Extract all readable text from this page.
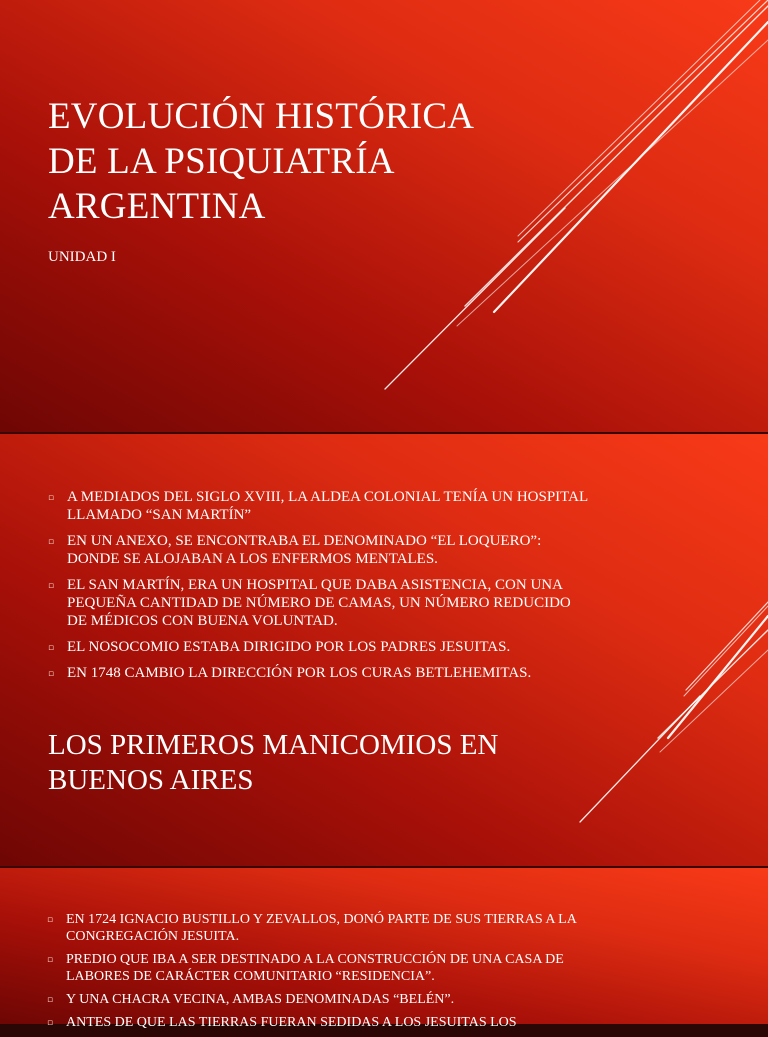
EVOLUCIÓN HISTÓRICA DE LA PSIQUIATRÍA ARGENTINA

UNIDAD I

▫ A MEDIADOS DEL SIGLO XVIII, LA ALDEA COLONIAL TENÍA UN HOSPITAL LLAMADO “SAN MARTÍN”
▫ EN UN ANEXO, SE ENCONTRABA EL DENOMINADO “EL LOQUERO”: DONDE SE ALOJABAN A LOS ENFERMOS MENTALES.
▫ EL SAN MARTÍN, ERA UN HOSPITAL QUE DABA ASISTENCIA, CON UNA PEQUEÑA CANTIDAD DE NÚMERO DE CAMAS, UN NÚMERO REDUCIDO DE MÉDICOS CON BUENA VOLUNTAD.
▫ EL NOSOCOMIO ESTABA DIRIGIDO POR LOS PADRES JESUITAS.
▫ EN 1748 CAMBIO LA DIRECCIÓN POR LOS CURAS BETLEHEMITAS.
LOS PRIMEROS MANICOMIOS EN BUENOS AIRES
▫ EN 1724 IGNACIO BUSTILLO Y ZEVALLOS, DONÓ PARTE DE SUS TIERRAS A LA CONGREGACIÓN JESUITA.
▫ PREDIO QUE IBA A SER DESTINADO A LA CONSTRUCCIÓN DE UNA CASA DE LABORES DE CARÁCTER COMUNITARIO “RESIDENCIA”.
▫ Y UNA CHACRA VECINA, AMBAS DENOMINADAS “BELÉN”.
▫ ANTES DE QUE LAS TIERRAS FUERAN SEDIDAS A LOS JESUITAS LOS
